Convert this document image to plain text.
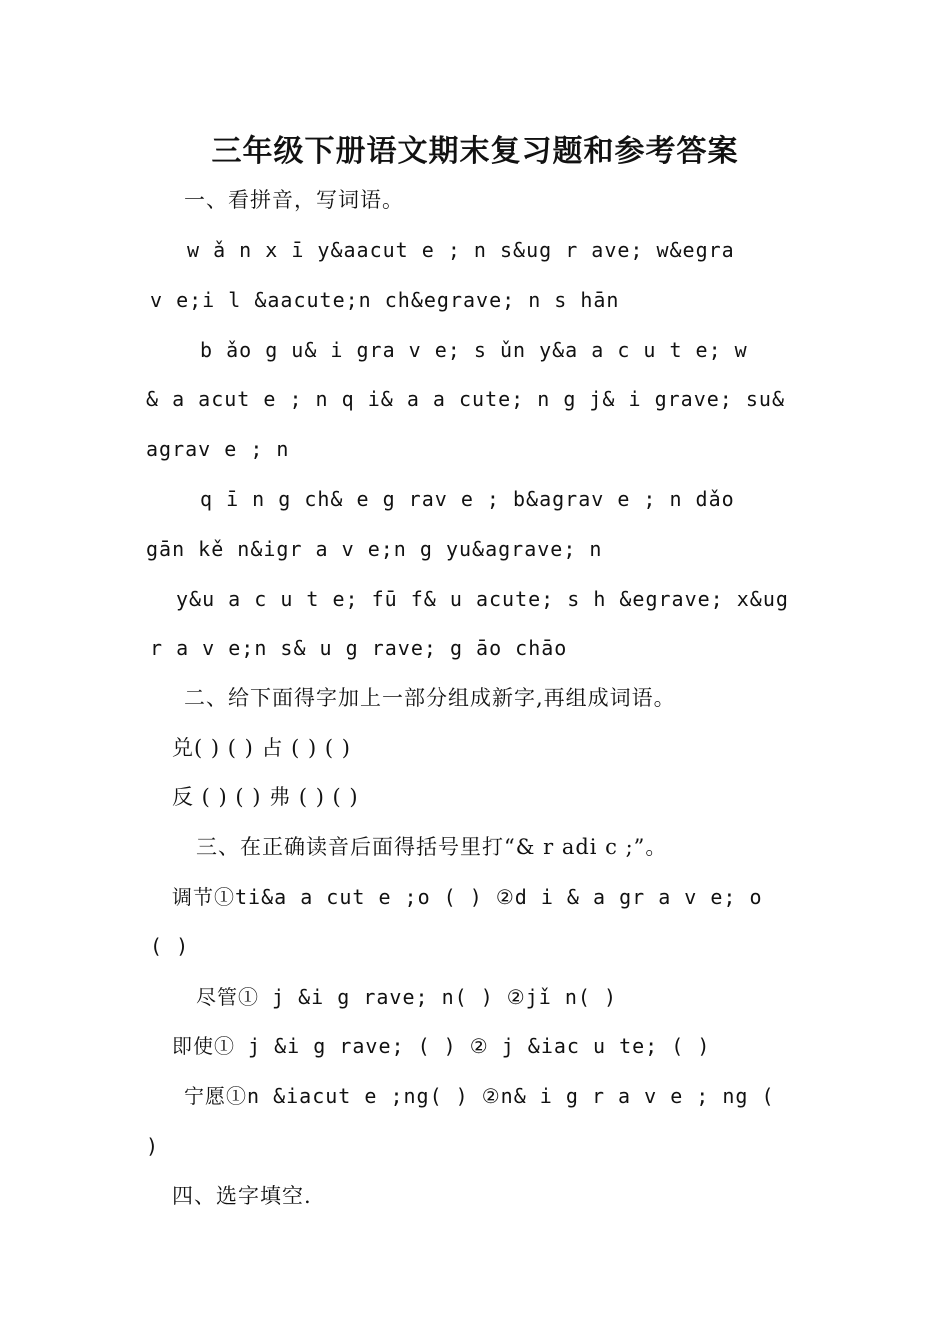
三年级下册语文期末复习题和参考答案
一、看拼音，写词语。
w ǎ n x ī y&aacut e ; n s&ug r ave; w&egra
v e;i l &aacute;n ch&egrave; n s hān
b ǎo g u& i gra v e; s ǔn y&a a c u t e; w
& a acut e ; n q i& a a cute; n g j& i grave; su&
agrav e ; n
q ī n g ch& e g rav e ; b&agrav e ; n dǎo
gān kě n&igr a v e;n g yu&agrave; n
y&u a c u t e; fū f& u acute; s h &egrave; x&ug
r a v e;n s& u g rave; g āo chāo
二、给下面得字加上一部分组成新字,再组成词语。
兑( ) ( ) 占 ( ) ( )
反 ( ) ( ) 弗 ( ) ( )
三、在正确读音后面得括号里打“& r adi c ;”。
调节①ti&a a cut e ;o ( ) ②d i & a gr a v e; o
( )
尽管① j &i g rave; n( ) ②jǐ n( )
即使① j &i g rave; ( ) ② j &iac u te; ( )
宁愿①n &iacut e ;ng( ) ②n& i g r a v e ; ng (
)
四、选字填空.
